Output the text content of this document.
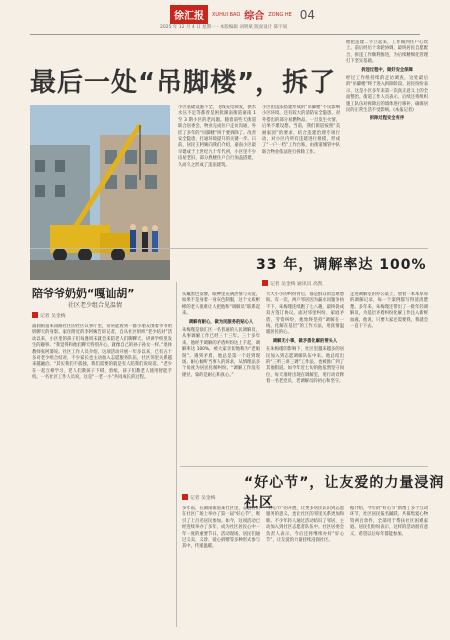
徐汇报	XUHUI BAO 综合 ZONG HE 04
2025 年 12 月 4 日 星期一 · 本版编辑 刘明斌 版面设计 陈宇斌
最后一处“吊脚楼”，拆了
小区基础设施不全、飞线充电频发，供水水压不足等都曾是困扰湖南街道嘉南 1 至 3 期小区的老问题。随着前些天街道联合居委会、物业完成住户走访沟通，外挂了多年的“吊脚楼”终于要拆除了。改善安全隐患，打通环境提升的关键一步。日前，居民王阿姨向我们介绍，嘉南小区最早建成于上世纪九十年代初，小区里不少房屋老旧，部分底楼住户自行加盖搭建，久而久之形成了违法建筑。
小区由违法搭建形成的“吊脚楼”不仅影响小区环境，还有较大的消防安全隐患。对外搭出的部分易燃物品，一旦发生火情，后果不堪设想。当前，我们街道按照“美丽家园”的要求，结合违建治理专项行动，对小区内所有违建进行排摸，形成了“一户一档”工作台账，由街道城管中队联合物业依法进行拆除工作。
他把违建二字立起来，工作做到住户心坎上。前后经历十余轮协调，最终居民自愿配合，拆违工作顺利推进，为后续精细化管理打下坚实基础。
拆违过程中，做好安全保障
经过工作组持续的走访调查，这处最后的“吊脚楼”终于进入拆除阶段。居民纷纷表示，这是小区多年来第一次真正意义上的全面整治。街道工作人员表示，后续还将组织施工队伍对拆除后的墙体进行修补，确保居民的正常生活不受影响。(本报记者)
拆除过程安全有序
陪爷爷奶奶“嘎讪胡”
社区老少组合见温情
记者 吴金梅
浦润街道朱南路社区的社区议事厅里，常常能看到一群小朋友围着爷爷奶奶聊天的身影。家住附近的李阿姨告诉记者，自从社区组织“老少结对”活动以来，小区里的孩子们每逢周末就会来陪老人们聊聊天、讲讲学校里发生的趣事。“我觉得和他们聊天特别开心，就像自己的孙子孙女一样。”退休教师张阿婆说。社区工作人员介绍，这项活动开展一年多以来，已有五十多对老少组合结对，不少家长也主动加入志愿服务队伍，社区邻里关系越来越融洽。“其实我们不孤独，我们需要的就是有人陪我们说说话。“老少在一起互相学习，老人们教孩子下棋、剪纸，孩子们教老人使用智能手机。一名社区工作人员说，这是“一老一小”共同成长的过程。
33 年，调解率达 100%
记者 吴金梅 通讯员 高凯
头戴黑色发簪，眼神里充满热情与关爱，如果不是身着一身灰色制服，这个文质彬彬的老人很难让人把他和“调解员”联系起来。
调解有耐心，做为民服务的贴心人
朱梅瑾是徐汇区一名普通的人民调解员，从事调解工作已经三十三年。三十多年来，他经手调解的矛盾纠纷达上千起，调解率达 100%，被大家亲切地称为“老娘舅”。遇到矛盾，他总是第一个赶到现场，耐心倾听当事人的诉求，从情理法多个角度为居民化解纠纷。“调解工作没有捷径，靠的是耐心和真心。”
大大小小的纠纷背后，都是群众的急难愁盼。有一次，两户邻居因为漏水问题争执不下，朱梅瑾连续跑了七八趟，最终促成双方签订协议。面对邻里纠纷、家庭矛盾、劳资纠纷，他始终坚持“调解在一线、化解在基层”的工作方法，用真情温暖居民的心。
调解无小事，做矛盾化解的带头人
在朱梅瑾的影响下，社区里越来越多的居民加入到志愿调解队伍中来。他总结出的“三听三讲三调”工作法，也被推广到了其他街道。如今年近七旬的他依然坚守岗位，每天准时出现在调解室，用行动诠释着一名老党员、老调解员的初心和坚守。
走进调解室的办公桌上，放着一本本厚厚的调解记录，每一个案例都写得清清楚楚。多年来，朱梅瑾还带出了一批年轻调解员，为基层矛盾纠纷化解工作注入新鲜血液。他说，只要大家还需要我，我就会一直干下去。
“好心节”，让友爱的力量浸润社区
记者 吴金梅
多年前，在湖南街道某社区里，志愿者们在社区广场上举办了第一届“好心节”，吸引了上百名居民参加。如今，这项活动已经连续举办了多年，成为社区居民心中一年一度的重要节日。活动现场，居民们通过义卖、义诊、爱心捐赠等多种形式参与其中，传递温暖。
“好心节”的开展，让更多居民认识到志愿服务的意义，也让社区的邻里关系更加和睦。不少年轻人通过活动结识了邻居，主动加入到社区志愿者队伍中。社区居委会负责人表示，今后还将继续办好“好心节”，让友爱的力量持续浸润社区。
据介绍，今年的“好心节”新增了多个互动环节，社区居民报名踊跃，共募集爱心物资两百余件，全部用于帮扶社区困难家庭。居民们纷纷表示，这样的活动很有意义，希望以后每年都能参加。
